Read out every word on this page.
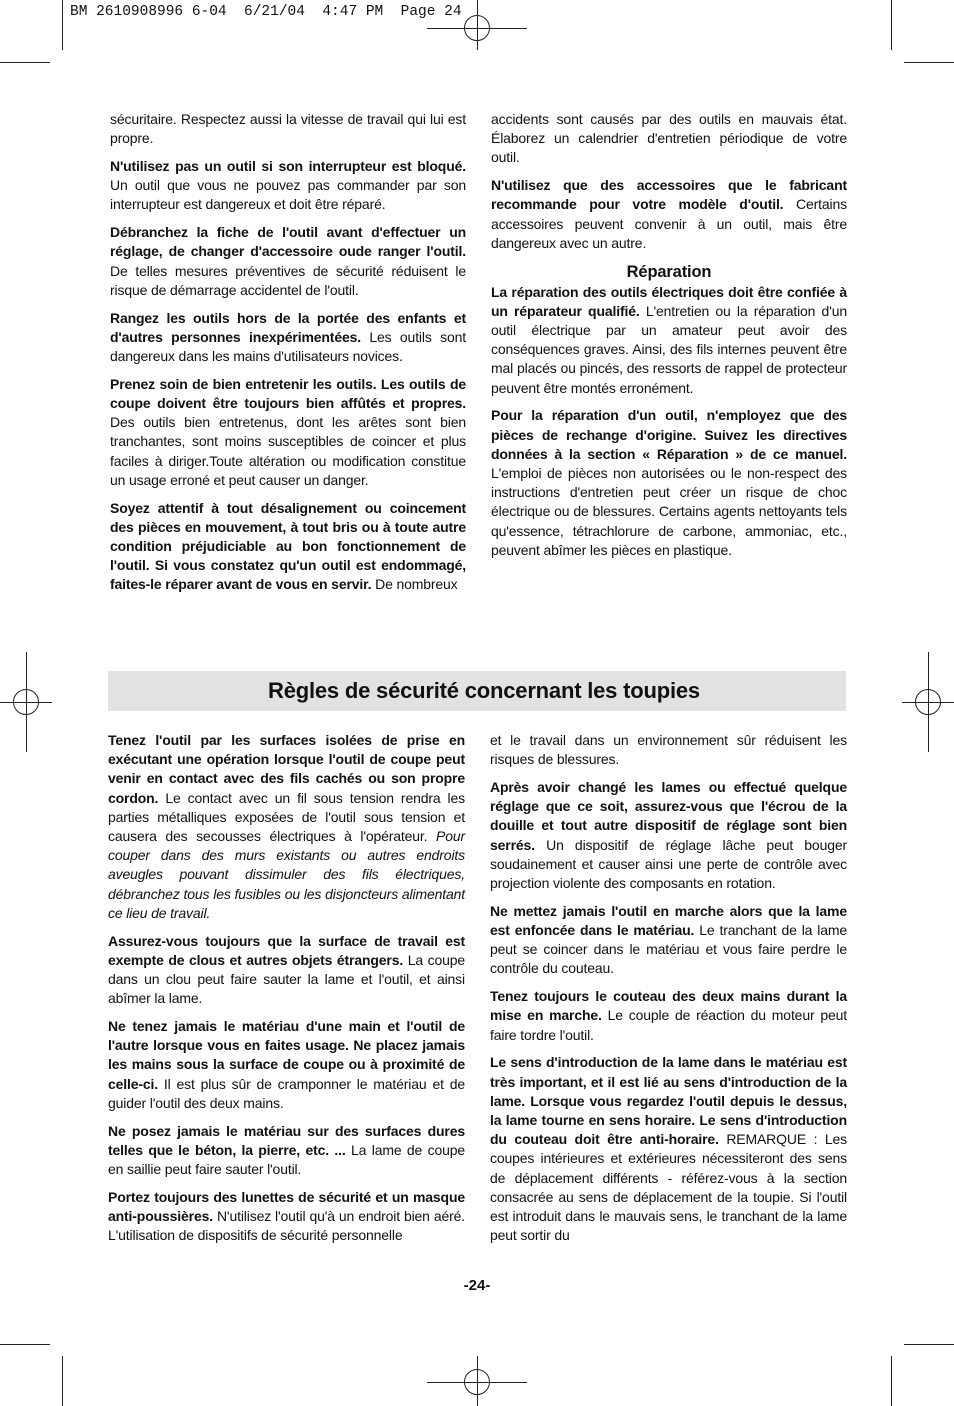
BM 2610908996 6-04  6/21/04  4:47 PM  Page 24

sécuritaire. Respectez aussi la vitesse de travail qui lui est propre.

N'utilisez pas un outil si son interrupteur est bloqué. Un outil que vous ne pouvez pas commander par son interrupteur est dangereux et doit être réparé.

Débranchez la fiche de l'outil avant d'effectuer un réglage, de changer d'accessoire oude ranger l'outil. De telles mesures préventives de sécurité réduisent le risque de démarrage accidentel de l'outil.

Rangez les outils hors de la portée des enfants et d'autres personnes inexpérimentées. Les outils sont dangereux dans les mains d'utilisateurs novices.

Prenez soin de bien entretenir les outils. Les outils de coupe doivent être toujours bien affûtés et propres. Des outils bien entretenus, dont les arêtes sont bien tranchantes, sont moins susceptibles de coincer et plus faciles à diriger.Toute altération ou modification constitue un usage erroné et peut causer un danger.

Soyez attentif à tout désalignement ou coincement des pièces en mouvement, à tout bris ou à toute autre condition préjudiciable au bon fonctionnement de l'outil. Si vous constatez qu'un outil est endommagé, faites-le réparer avant de vous en servir. De nombreux

accidents sont causés par des outils en mauvais état. Élaborez un calendrier d'entretien périodique de votre outil.

N'utilisez que des accessoires que le fabricant recommande pour votre modèle d'outil. Certains accessoires peuvent convenir à un outil, mais être dangereux avec un autre.

Réparation

La réparation des outils électriques doit être confiée à un réparateur qualifié. L'entretien ou la réparation d'un outil électrique par un amateur peut avoir des conséquences graves. Ainsi, des fils internes peuvent être mal placés ou pincés, des ressorts de rappel de protecteur peuvent être montés erronément.

Pour la réparation d'un outil, n'employez que des pièces de rechange d'origine. Suivez les directives données à la section « Réparation » de ce manuel. L'emploi de pièces non autorisées ou le non-respect des instructions d'entretien peut créer un risque de choc électrique ou de blessures. Certains agents nettoyants tels qu'essence, tétrachlorure de carbone, ammoniac, etc., peuvent abîmer les pièces en plastique.

Règles de sécurité concernant les toupies

Tenez l'outil par les surfaces isolées de prise en exécutant une opération lorsque l'outil de coupe peut venir en contact avec des fils cachés ou son propre cordon. Le contact avec un fil sous tension rendra les parties métalliques exposées de l'outil sous tension et causera des secousses électriques à l'opérateur. Pour couper dans des murs existants ou autres endroits aveugles pouvant dissimuler des fils électriques, débranchez tous les fusibles ou les disjoncteurs alimentant ce lieu de travail.

Assurez-vous toujours que la surface de travail est exempte de clous et autres objets étrangers. La coupe dans un clou peut faire sauter la lame et l'outil, et ainsi abîmer la lame.

Ne tenez jamais le matériau d'une main et l'outil de l'autre lorsque vous en faites usage. Ne placez jamais les mains sous la surface de coupe ou à proximité de celle-ci. Il est plus sûr de cramponner le matériau et de guider l'outil des deux mains.

Ne posez jamais le matériau sur des surfaces dures telles que le béton, la pierre, etc. ... La lame de coupe en saillie peut faire sauter l'outil.

Portez toujours des lunettes de sécurité et un masque anti-poussières. N'utilisez l'outil qu'à un endroit bien aéré. L'utilisation de dispositifs de sécurité personnelle

et le travail dans un environnement sûr réduisent les risques de blessures.

Après avoir changé les lames ou effectué quelque réglage que ce soit, assurez-vous que l'écrou de la douille et tout autre dispositif de réglage sont bien serrés. Un dispositif de réglage lâche peut bouger soudainement et causer ainsi une perte de contrôle avec projection violente des composants en rotation.

Ne mettez jamais l'outil en marche alors que la lame est enfoncée dans le matériau. Le tranchant de la lame peut se coincer dans le matériau et vous faire perdre le contrôle du couteau.

Tenez toujours le couteau des deux mains durant la mise en marche. Le couple de réaction du moteur peut faire tordre l'outil.

Le sens d'introduction de la lame dans le matériau est très important, et il est lié au sens d'introduction de la lame. Lorsque vous regardez l'outil depuis le dessus, la lame tourne en sens horaire. Le sens d'introduction du couteau doit être anti-horaire. REMARQUE : Les coupes intérieures et extérieures nécessiteront des sens de déplacement différents - référez-vous à la section consacrée au sens de déplacement de la toupie. Si l'outil est introduit dans le mauvais sens, le tranchant de la lame peut sortir du

-24-
